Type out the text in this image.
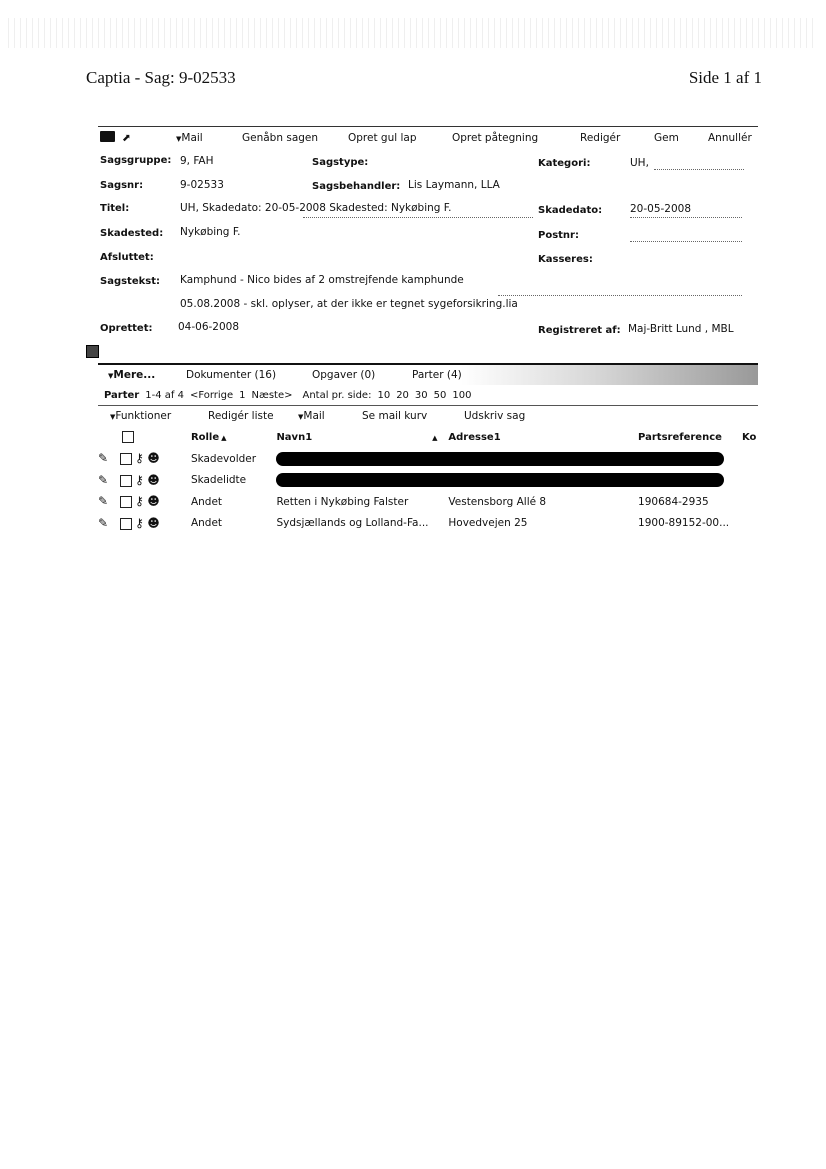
Captia - Sag: 9-02533	Side 1 af 1
⬈	▼Mail	Genåbn sagen	Opret gul lap	Opret påtegning	Redigér	Gem	Annullér
Sagsgruppe: 9, FAH	Sagstype:	Kategori:	UH,
Sagsnr:	9-02533	Sagsbehandler: Lis Laymann, LLA
Titel:	UH, Skadedato: 20-05-2008 Skadested: Nykøbing F.	Skadedato:	20-05-2008
Skadested: Nykøbing F.	Postnr:
Afsluttet:	Kasseres:
Sagstekst: Kamphund - Nico bides af 2 omstrejfende kamphunde
05.08.2008 - skl. oplyser, at der ikke er tegnet sygeforsikring.lia
Oprettet: 04-06-2008	Registreret af: Maj-Britt Lund , MBL
▼Mere...	Dokumenter (16)	Opgaver (0)	Parter (4)
Parter 1-4 af 4 <Forrige 1 Næste> Antal pr. side: 10 20 30 50 100
▼Funktioner	Redigér liste	▼Mail	Se mail kurv	Udskriv sag
		Rolle ▲	Navn1 ▲	Adresse1	Partsreference	Ko
✎	⚷ ☻	Skadevolder				
✎	⚷ ☻	Skadelidte				
✎	⚷ ☻	Andet	Retten i Nykøbing Falster	Vestensborg Allé 8	190684-2935	
✎	⚷ ☻	Andet	Sydsjællands og Lolland-Fa...	Hovedvejen 25	1900-89152-00...	
